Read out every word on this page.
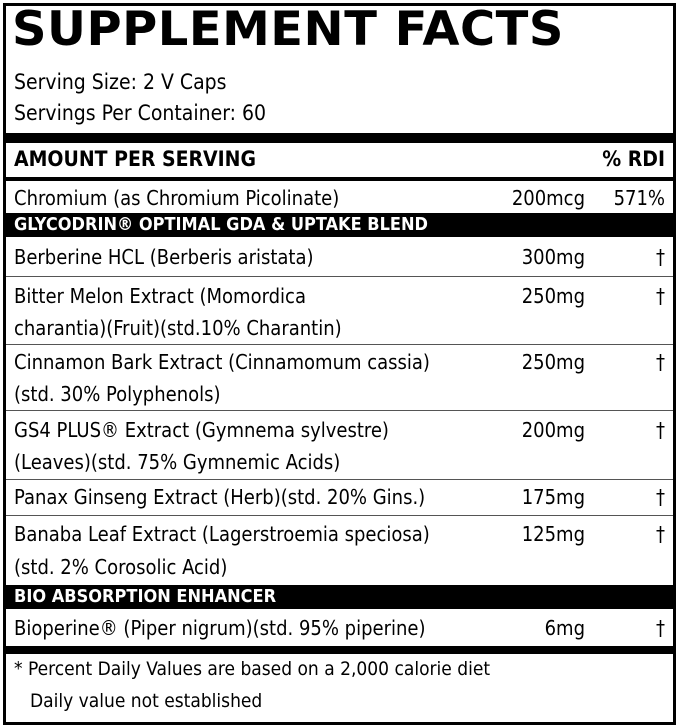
SUPPLEMENT FACTS
Serving Size: 2 V Caps
Servings Per Container: 60
AMOUNT PER SERVING	% RDI
Chromium (as Chromium Picolinate)	200mcg 571%
GLYCODRIN® OPTIMAL GDA & UPTAKE BLEND
Berberine HCL (Berberis aristata)	300mg	†
Bitter Melon Extract (Momordica
charantia)(Fruit)(std.10% Charantin)
250mg	†
Cinnamon Bark Extract (Cinnamomum cassia)
(std. 30% Polyphenols)
250mg	†
GS4 PLUS® Extract (Gymnema sylvestre)
(Leaves)(std. 75% Gymnemic Acids)
200mg	†
Panax Ginseng Extract (Herb)(std. 20% Gins.)	175mg	†
Banaba Leaf Extract (Lagerstroemia speciosa)
(std. 2% Corosolic Acid)
125mg	†
BIO ABSORPTION ENHANCER
Bioperine® (Piper nigrum)(std. 95% piperine)	6mg	†
* Percent Daily Values are based on a 2,000 calorie diet
Daily value not established
